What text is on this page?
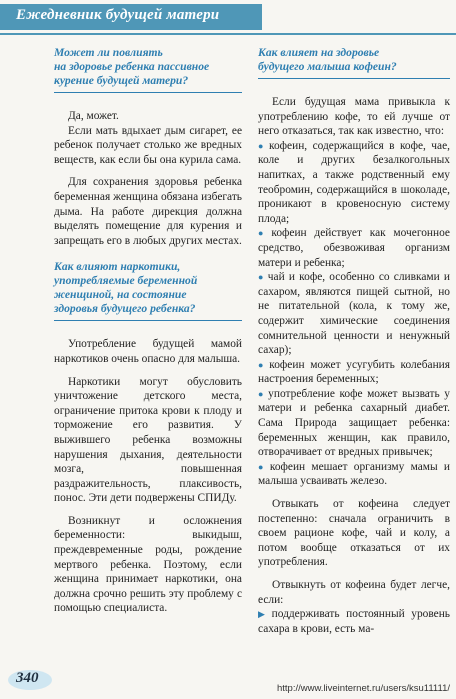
Ежедневник будущей матери
Может ли повлиять
на здоровье ребенка пассивное
курение будущей матери?

Да, может.

Если мать вдыхает дым сигарет, ее ребенок получает столько же вредных веществ, как если бы она курила сама.

Для сохранения здоровья ребенка беременная женщина обязана избегать дыма. На работе дирекция должна выделять помещение для курения и запрещать его в любых других местах.

Как влияют наркотики,
употребляемые беременной
женщиной, на состояние
здоровья будущего ребенка?

Употребление будущей мамой наркотиков очень опасно для малыша.

Наркотики могут обусловить уничтожение детского места, ограничение притока крови к плоду и торможение его развития. У выжившего ребенка возможны нарушения дыхания, деятельности мозга, повышенная раздражительность, плаксивость, понос. Эти дети подвержены СПИДу.

Возникнут и осложнения беременности: выкидыш, преждевременные роды, рождение мертвого ребенка. Поэтому, если женщина принимает наркотики, она должна срочно решить эту проблему с помощью специалиста.

Как влияет на здоровье
будущего малыша кофеин?

Если будущая мама привыкла к употреблению кофе, то ей лучше от него отказаться, так как известно, что:

● кофеин, содержащийся в кофе, чае, коле и других безалкогольных напитках, а также родственный ему теобромин, содержащийся в шоколаде, проникают в кровеносную систему плода;

● кофеин действует как мочегонное средство, обезвоживая организм матери и ребенка;

● чай и кофе, особенно со сливками и сахаром, являются пищей сытной, но не питательной (кола, к тому же, содержит химические соединения сомнительной ценности и ненужный сахар);

● кофеин может усугубить колебания настроения беременных;

● употребление кофе может вызвать у матери и ребенка сахарный диабет. Сама Природа защищает ребенка: беременных женщин, как правило, отворачивает от вредных привычек;

● кофеин мешает организму мамы и малыша усваивать железо.

Отвыкать от кофеина следует постепенно: сначала ограничить в своем рационе кофе, чай и колу, а потом вообще отказаться от их употребления.

Отвыкнуть от кофеина будет легче, если:

▶ поддерживать постоянный уровень сахара в крови, есть ма-

340
http://www.liveinternet.ru/users/ksu11111/
